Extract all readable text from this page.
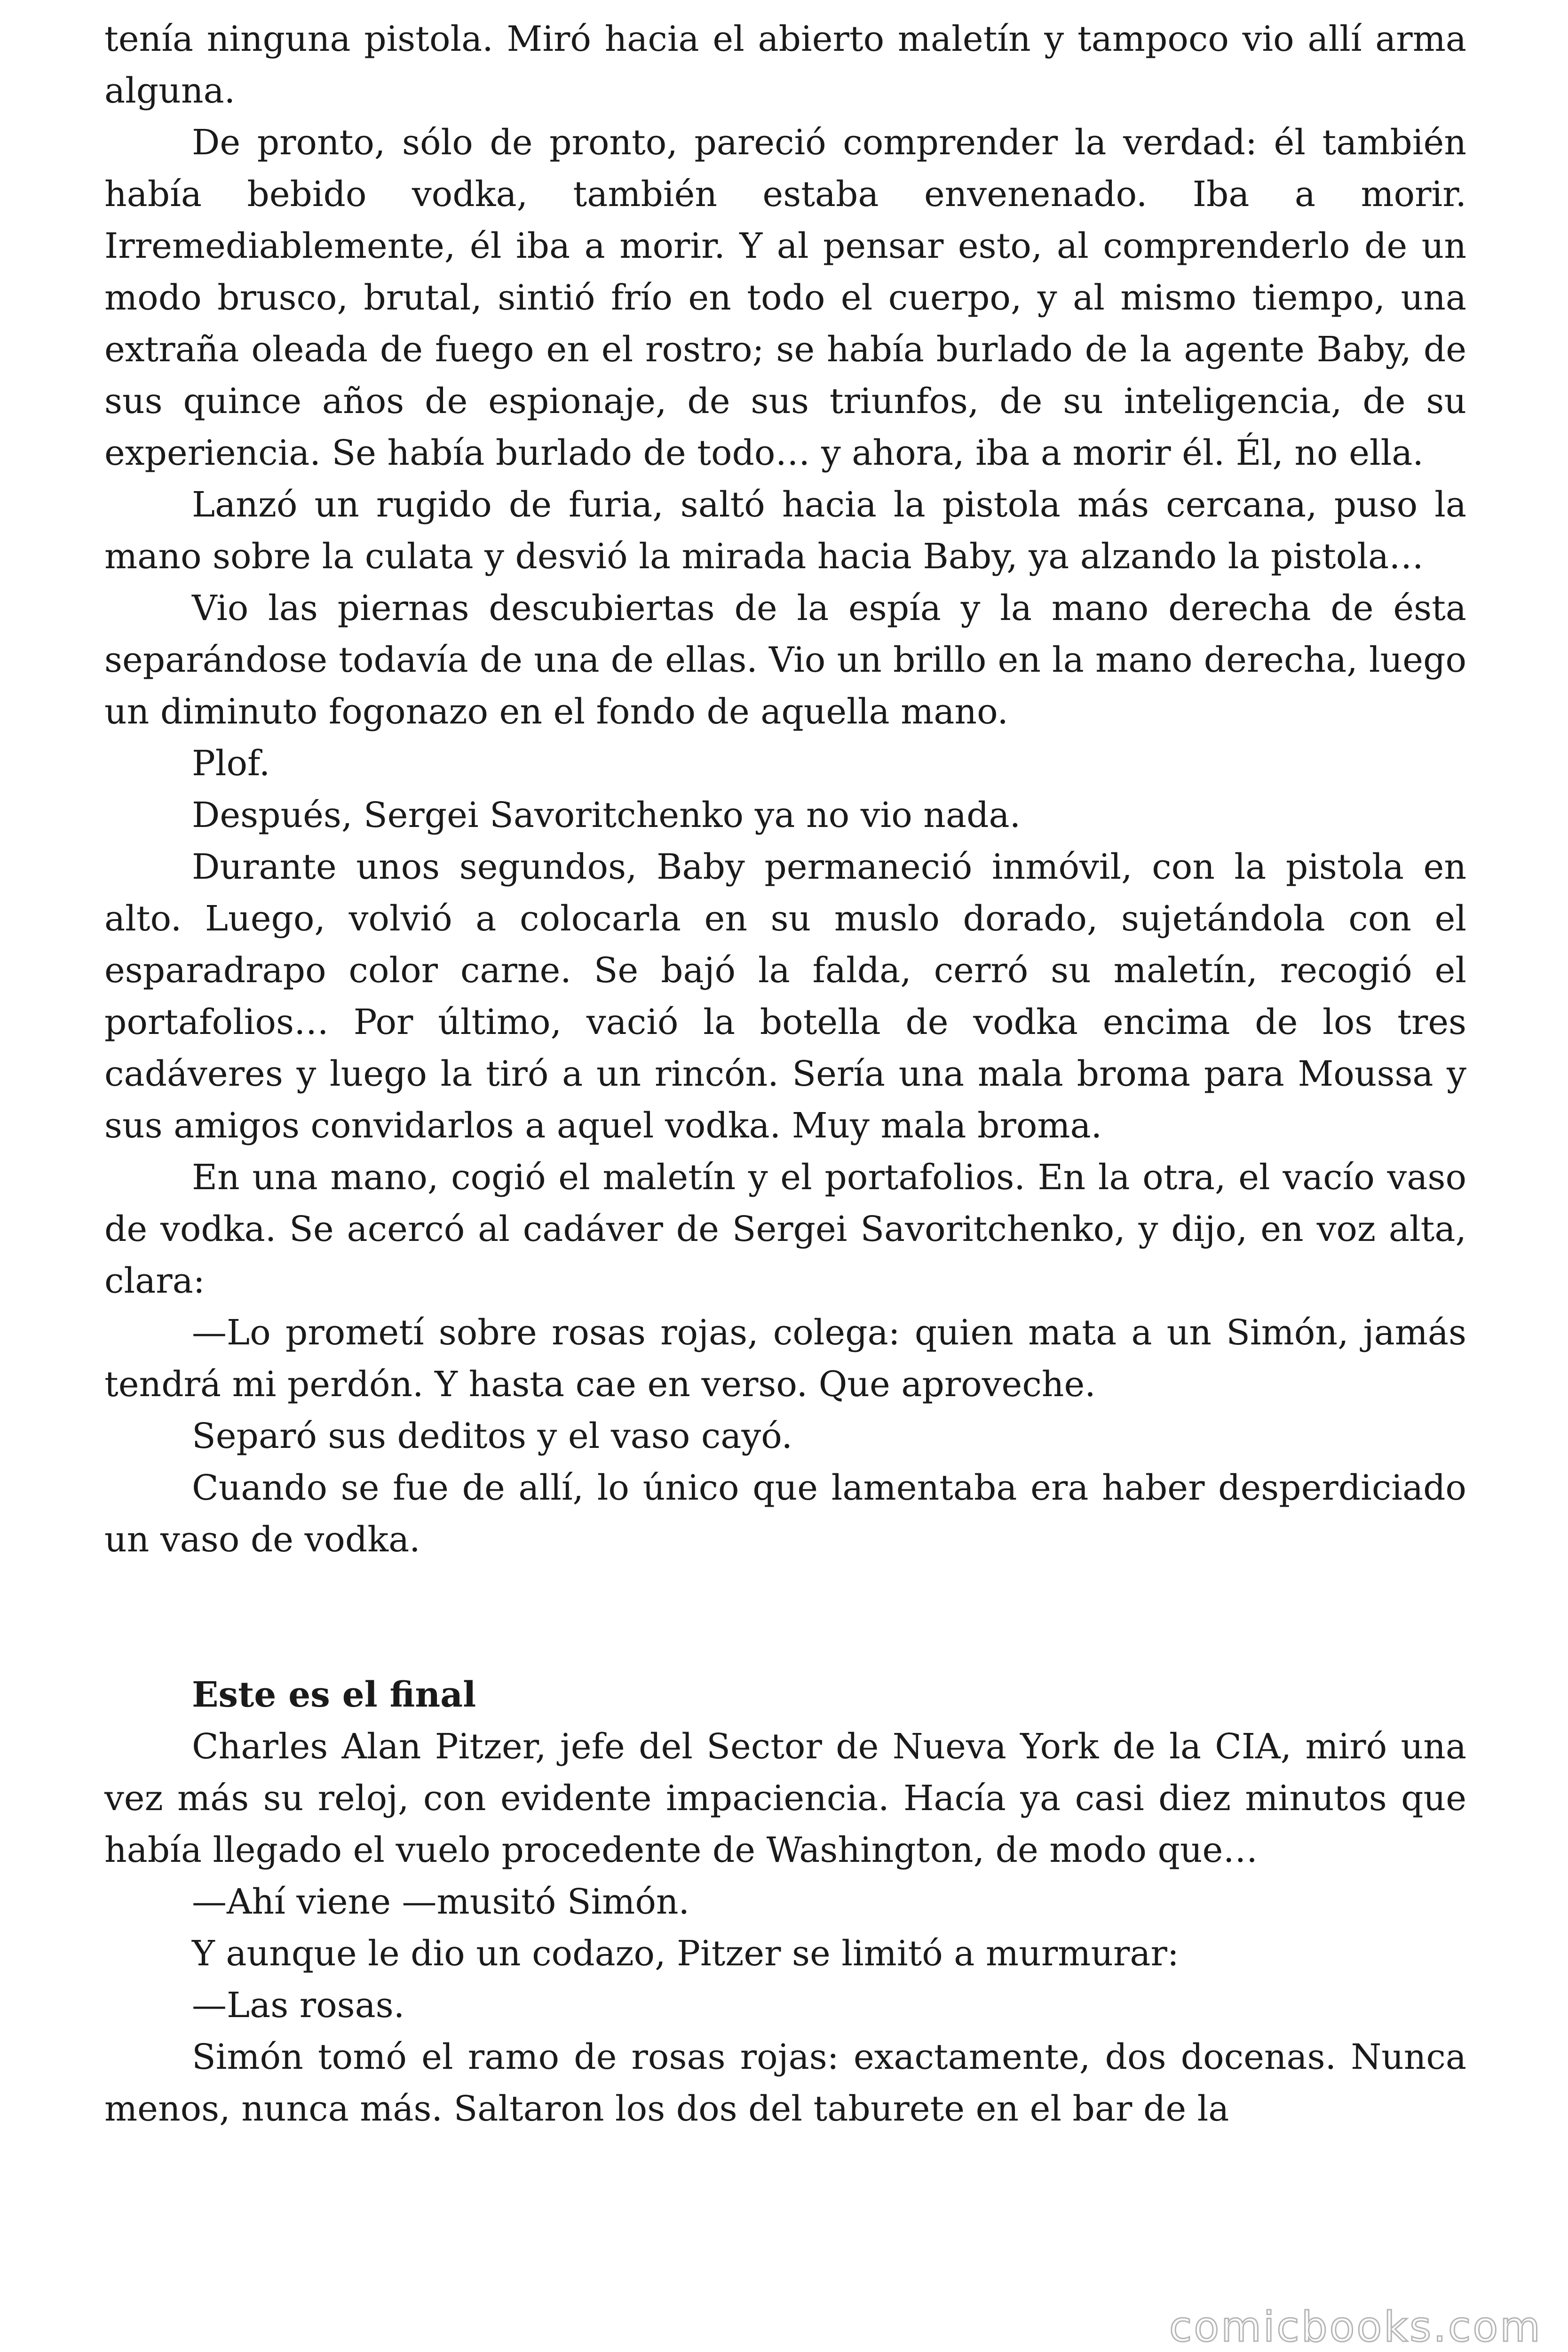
tenía ninguna pistola. Miró hacia el abierto maletín y tampoco vio allí arma alguna.

De pronto, sólo de pronto, pareció comprender la verdad: él también había bebido vodka, también estaba envenenado. Iba a morir. Irremediablemente, él iba a morir. Y al pensar esto, al comprenderlo de un modo brusco, brutal, sintió frío en todo el cuerpo, y al mismo tiempo, una extraña oleada de fuego en el rostro; se había burlado de la agente Baby, de sus quince años de espionaje, de sus triunfos, de su inteligencia, de su experiencia. Se había burlado de todo… y ahora, iba a morir él. Él, no ella.

Lanzó un rugido de furia, saltó hacia la pistola más cercana, puso la mano sobre la culata y desvió la mirada hacia Baby, ya alzando la pistola…

Vio las piernas descubiertas de la espía y la mano derecha de ésta separándose todavía de una de ellas. Vio un brillo en la mano derecha, luego un diminuto fogonazo en el fondo de aquella mano.

Plof.

Después, Sergei Savoritchenko ya no vio nada.

Durante unos segundos, Baby permaneció inmóvil, con la pistola en alto. Luego, volvió a colocarla en su muslo dorado, sujetándola con el esparadrapo color carne. Se bajó la falda, cerró su maletín, recogió el portafolios… Por último, vació la botella de vodka encima de los tres cadáveres y luego la tiró a un rincón. Sería una mala broma para Moussa y sus amigos convidarlos a aquel vodka. Muy mala broma.

En una mano, cogió el maletín y el portafolios. En la otra, el vacío vaso de vodka. Se acercó al cadáver de Sergei Savoritchenko, y dijo, en voz alta, clara:

—Lo prometí sobre rosas rojas, colega: quien mata a un Simón, jamás tendrá mi perdón. Y hasta cae en verso. Que aproveche.

Separó sus deditos y el vaso cayó.

Cuando se fue de allí, lo único que lamentaba era haber desperdiciado un vaso de vodka.

Este es el final

Charles Alan Pitzer, jefe del Sector de Nueva York de la CIA, miró una vez más su reloj, con evidente impaciencia. Hacía ya casi diez minutos que había llegado el vuelo procedente de Washington, de modo que…

—Ahí viene —musitó Simón.

Y aunque le dio un codazo, Pitzer se limitó a murmurar:

—Las rosas.

Simón tomó el ramo de rosas rojas: exactamente, dos docenas. Nunca menos, nunca más. Saltaron los dos del taburete en el bar de la

comicbooks.com
